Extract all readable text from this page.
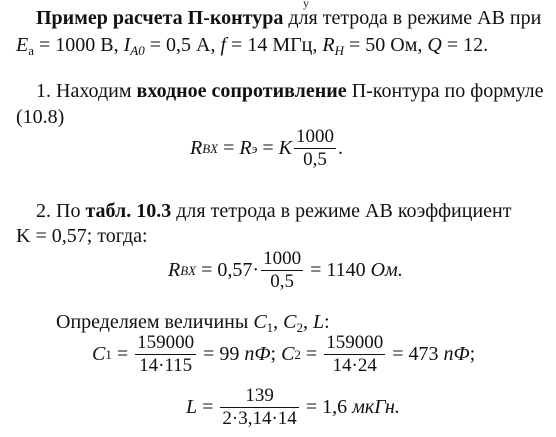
y
Пример расчета П-контура для тетрода в режиме АВ при
$E_a = 1000$ В, $I_{A0} = 0,5$ А, f = 14 МГц, $R_H = 50$ Ом, Q = 12.
1. Находим входное сопротивление П-контура по формуле
(10.8)
R BX = R э = K $\frac{1000}{0,5}$ .
2. По табл. 10.3 для тетрода в режиме АВ коэффициент
K = 0,57; тогда:
R BX = $0,57\cdot \frac{1000}{0,5} = 1140$ Ом.
Определяем величины $C_1$, $C_2$, L:
C $1 = \frac{159000}{14\cdot 115} = 99$ пФ ; C $2 = \frac{159000}{14\cdot 24} = 473$ пФ ;
$L = \frac{139}{2\cdot 3,14\cdot 14} = 1,6$ мкГн.
